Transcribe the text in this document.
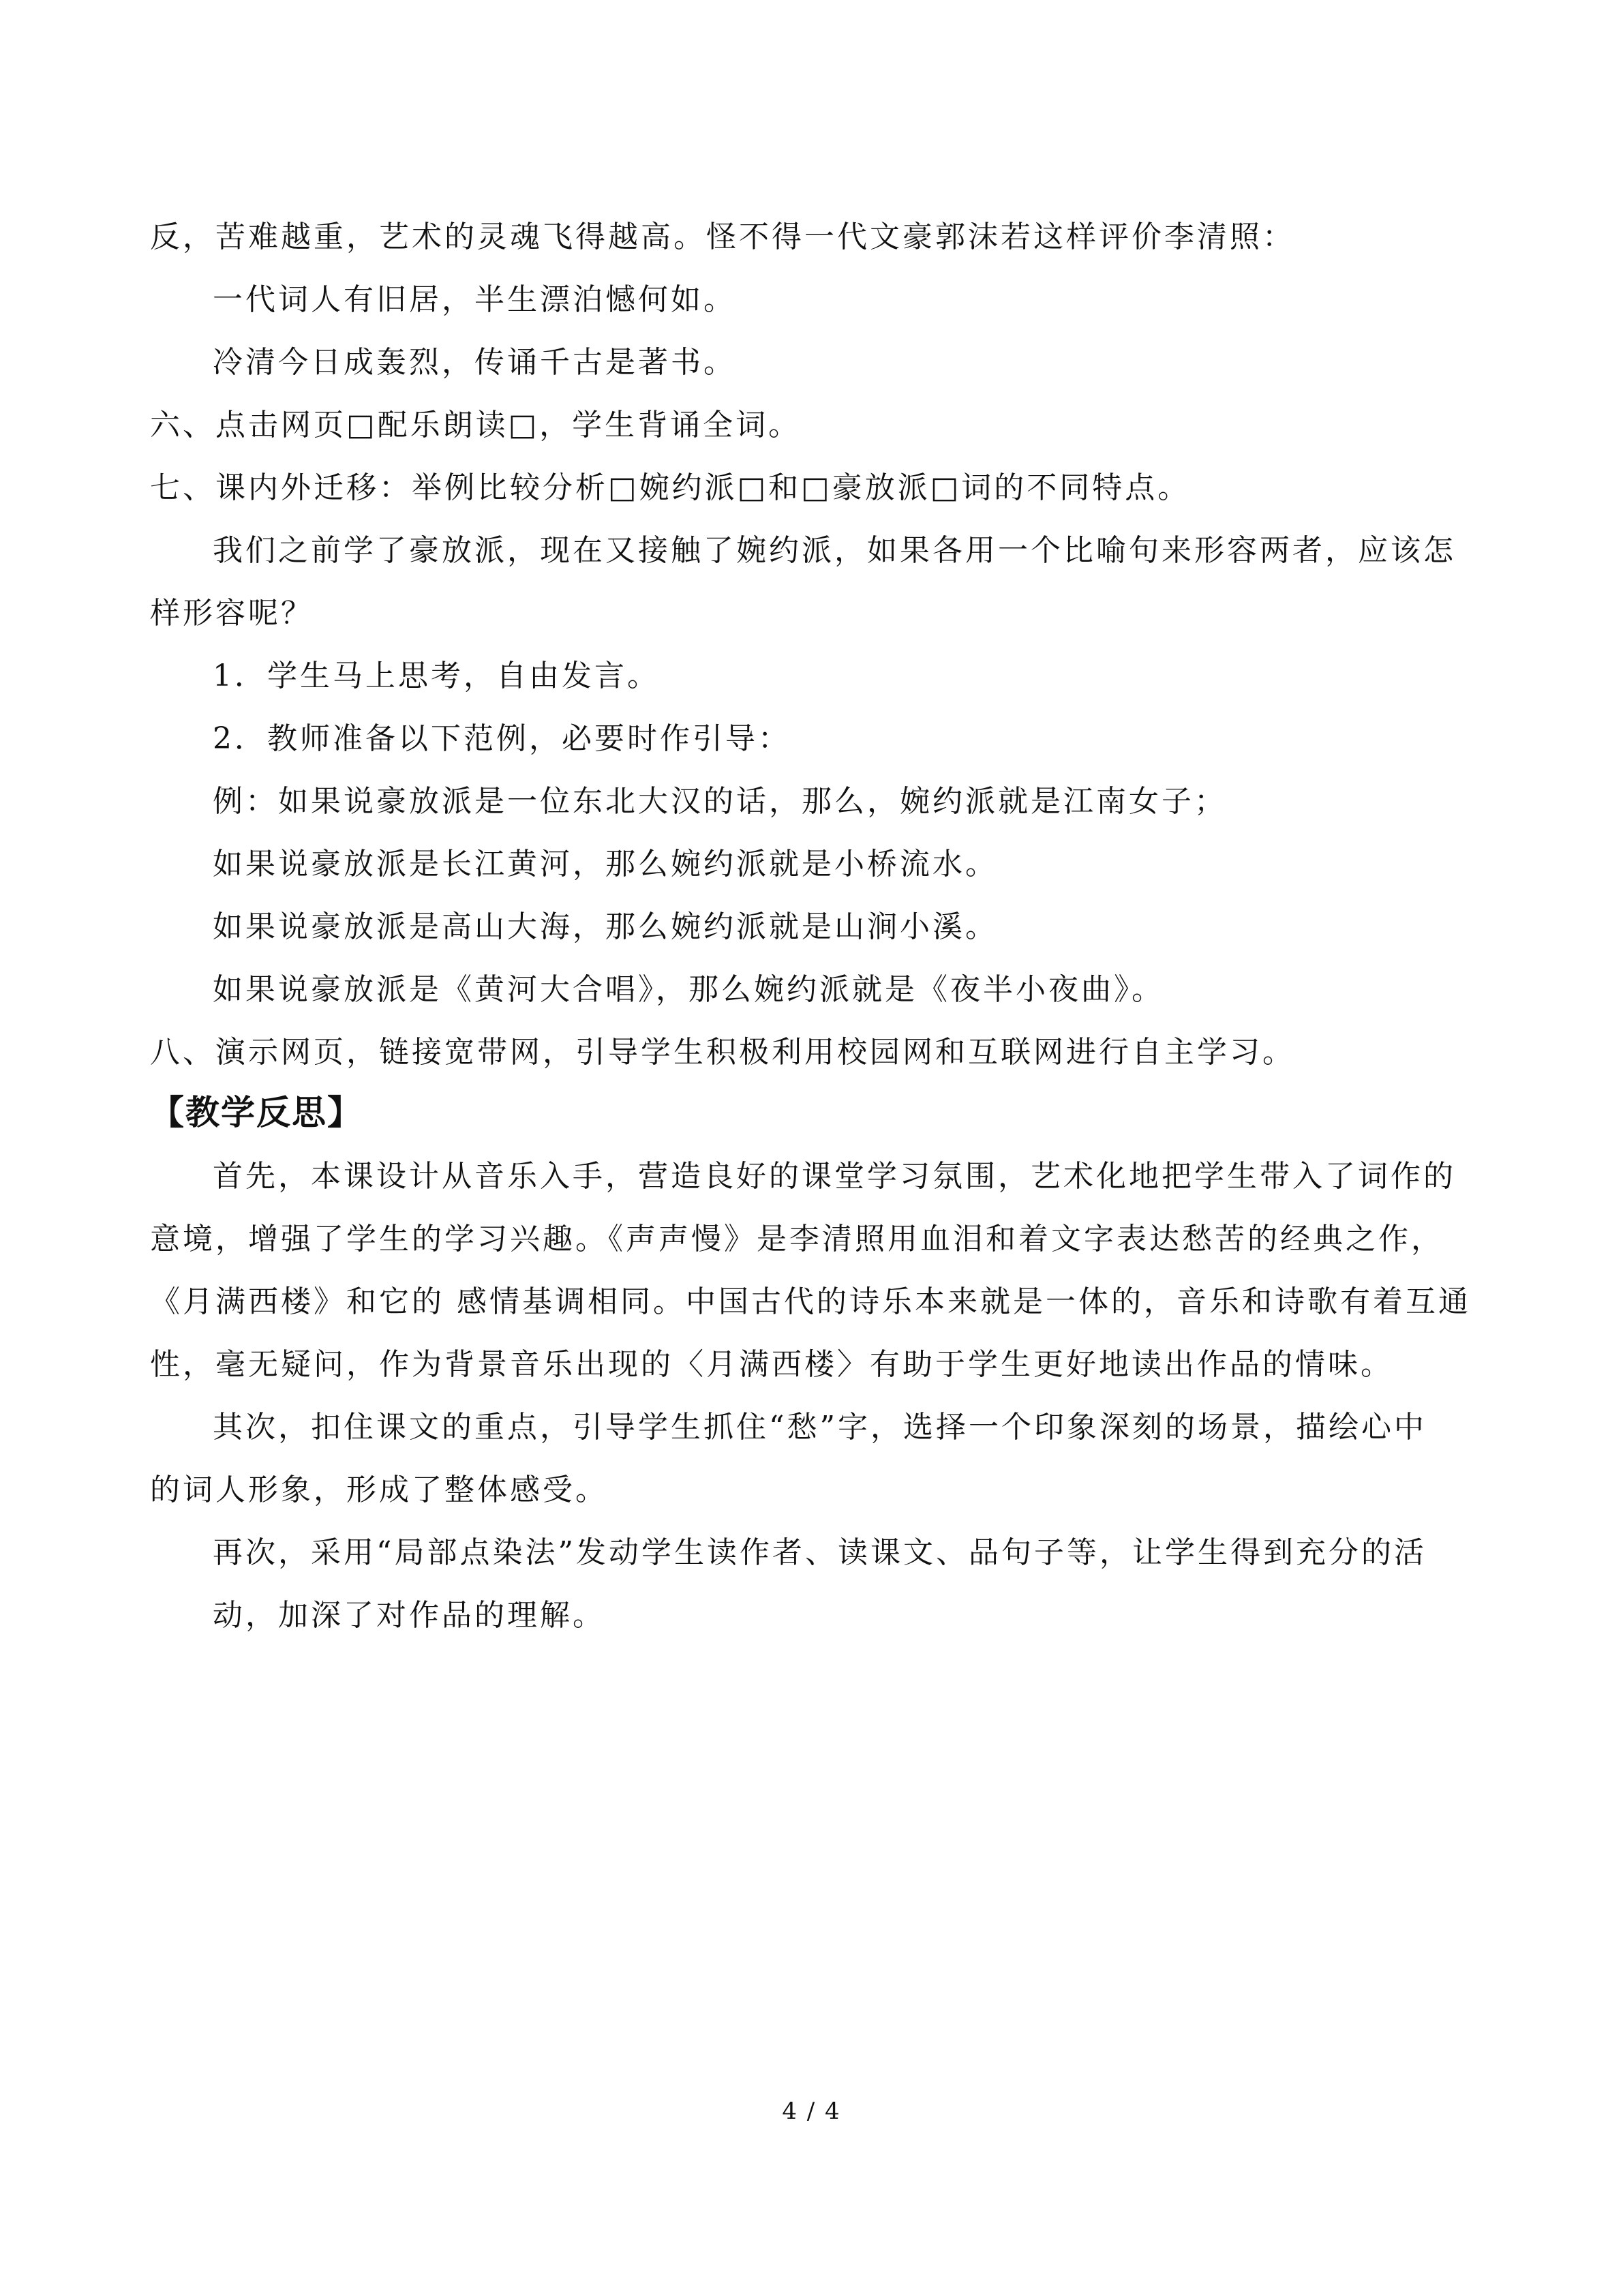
反，苦难越重，艺术的灵魂飞得越高。怪不得一代文豪郭沫若这样评价李清照：

一代词人有旧居，半生漂泊憾何如。

冷清今日成轰烈，传诵千古是著书。

六、点击网页□配乐朗读□，学生背诵全词。

七、课内外迁移：举例比较分析□婉约派□和□豪放派□词的不同特点。

我们之前学了豪放派，现在又接触了婉约派，如果各用一个比喻句来形容两者，应该怎

样形容呢？

1．学生马上思考，自由发言。

2．教师准备以下范例，必要时作引导：

例：如果说豪放派是一位东北大汉的话，那么，婉约派就是江南女子；

如果说豪放派是长江黄河，那么婉约派就是小桥流水。

如果说豪放派是高山大海，那么婉约派就是山涧小溪。

如果说豪放派是《黄河大合唱》，那么婉约派就是《夜半小夜曲》。

八、演示网页，链接宽带网，引导学生积极利用校园网和互联网进行自主学习。

【教学反思】

首先，本课设计从音乐入手，营造良好的课堂学习氛围，艺术化地把学生带入了词作的

意境，增强了学生的学习兴趣。《声声慢》是李清照用血泪和着文字表达愁苦的经典之作，

《月满西楼》和它的 感情基调相同。中国古代的诗乐本来就是一体的，音乐和诗歌有着互通

性，毫无疑问，作为背景音乐出现的〈月满西楼〉有助于学生更好地读出作品的情味。

其次，扣住课文的重点，引导学生抓住“愁”字，选择一个印象深刻的场景，描绘心中

的词人形象，形成了整体感受。

再次，采用“局部点染法”发动学生读作者、读课文、品句子等，让学生得到充分的活

动，加深了对作品的理解。

4 / 4
